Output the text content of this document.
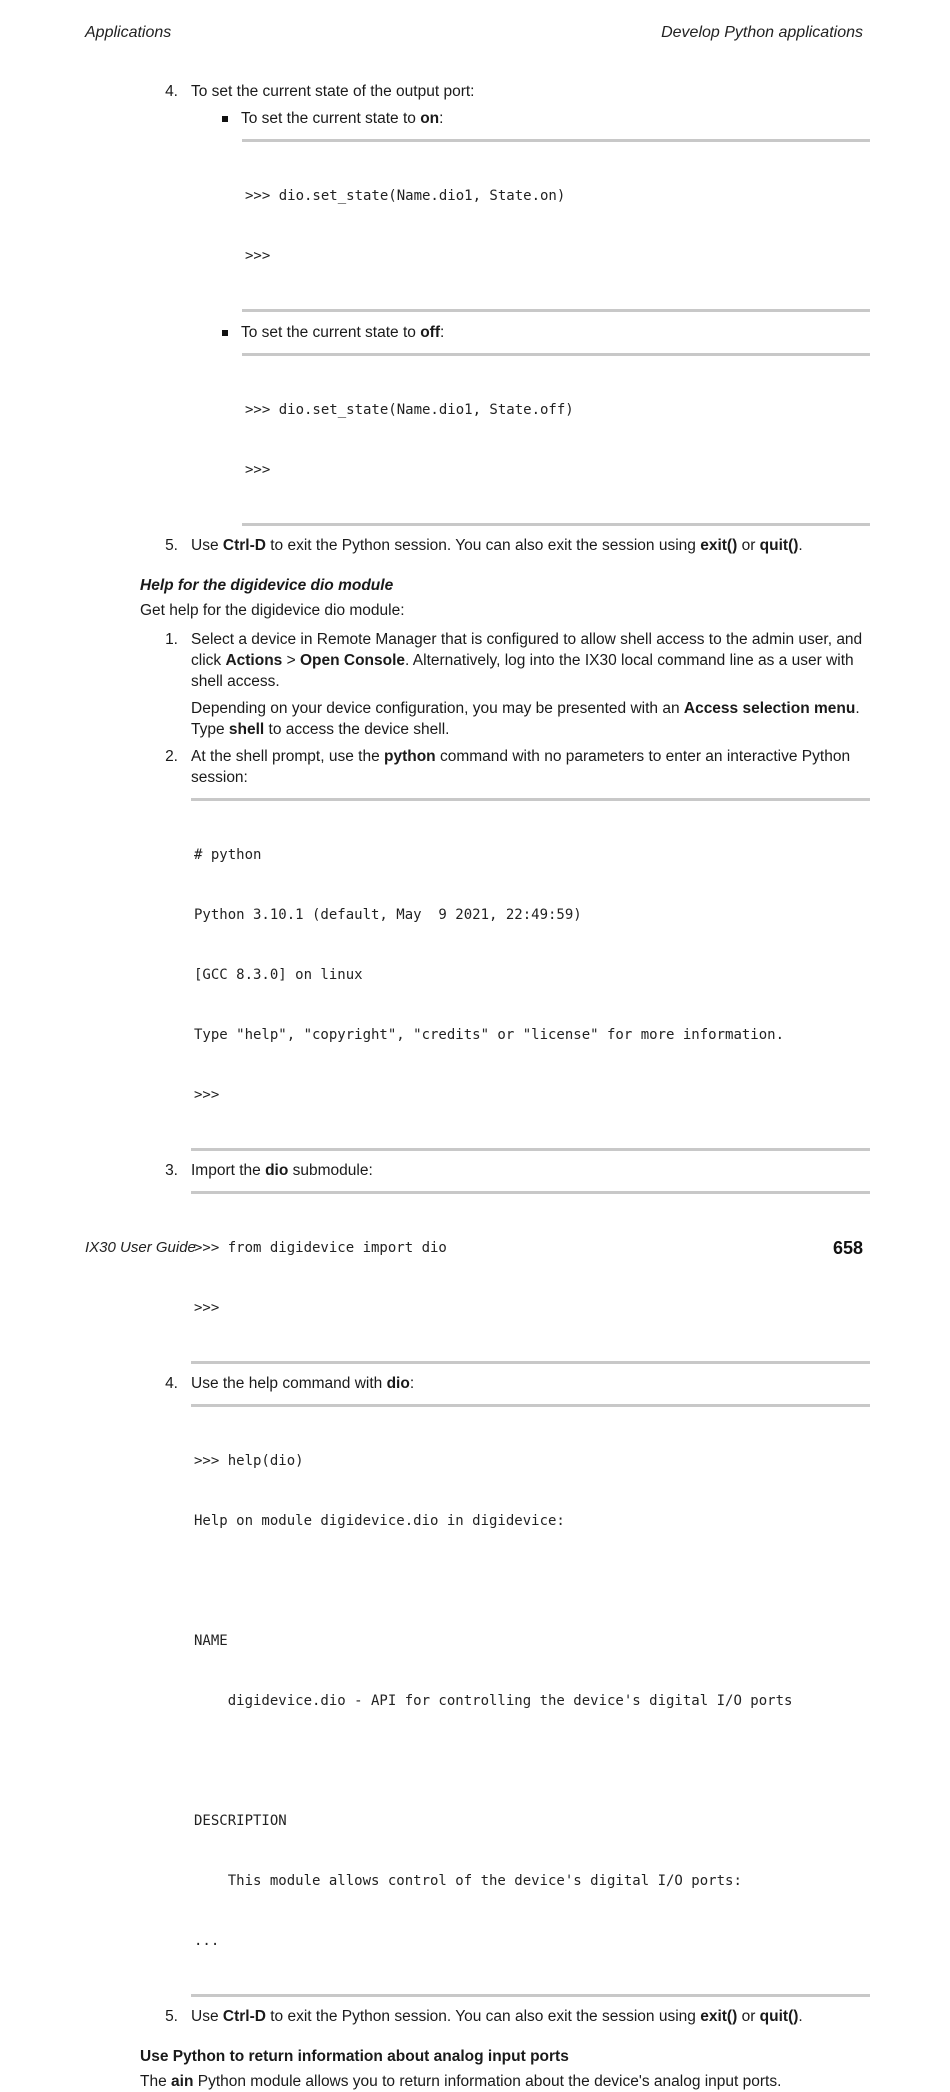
Applications	Develop Python applications
4. To set the current state of the output port:

To set the current state to on:

>>> dio.set_state(Name.dio1, State.on)

>>>

To set the current state to off:

>>> dio.set_state(Name.dio1, State.off)

>>>

5. Use Ctrl-D to exit the Python session. You can also exit the session using exit() or quit().

Help for the digidevice dio module
Get help for the digidevice dio module:
1. Select a device in Remote Manager that is configured to allow shell access to the admin user, and click Actions > Open Console. Alternatively, log into the IX30 local command line as a user with shell access.

Depending on your device configuration, you may be presented with an Access selection menu. Type shell to access the device shell.

2. At the shell prompt, use the python command with no parameters to enter an interactive Python session:

# python

Python 3.10.1 (default, May  9 2021, 22:49:59)

[GCC 8.3.0] on linux

Type "help", "copyright", "credits" or "license" for more information.

>>>

3. Import the dio submodule:

>>> from digidevice import dio

>>>

4. Use the help command with dio:

>>> help(dio)

Help on module digidevice.dio in digidevice:

NAME

digidevice.dio - API for controlling the device's digital I/O ports

DESCRIPTION

This module allows control of the device's digital I/O ports:

...

5. Use Ctrl-D to exit the Python session. You can also exit the session using exit() or quit().

Use Python to return information about analog input ports
The ain Python module allows you to return information about the device's analog input ports.
IX30 User Guide	658
